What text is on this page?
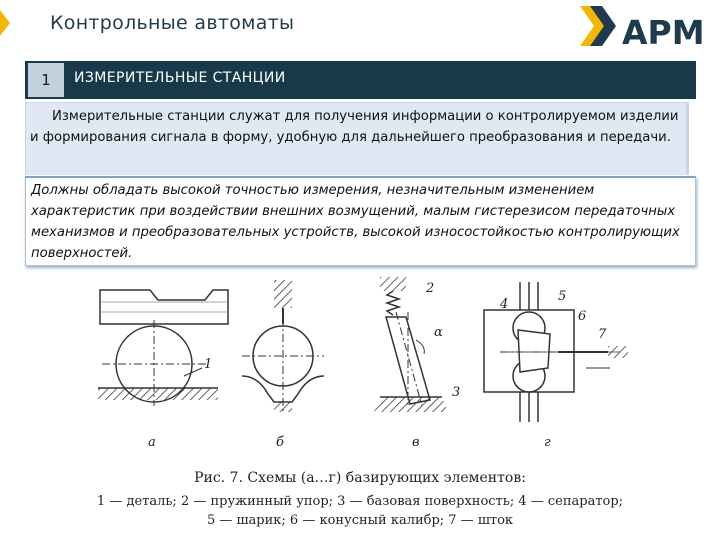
Контрольные автоматы	АРМ
1	ИЗМЕРИТЕЛЬНЫЕ СТАНЦИИ
Измерительные станции служат для получения информации о контролируемом изделии и формирования сигнала в форму, удобную для дальнейшего преобразования и передачи.
Должны обладать высокой точностью измерения, незначительным изменением характеристик при воздействии внешних возмущений, малым гистерезисом передаточных механизмов и преобразовательных устройств, высокой износостойкостью контролирующих поверхностей.
1
2
3
4
5
6
7
α
а	б	в	г
Рис. 7. Схемы (а…г) базирующих элементов:
1 — деталь; 2 — пружинный упор; 3 — базовая поверхность; 4 — сепаратор;
5 — шарик; 6 — конусный калибр; 7 — шток
